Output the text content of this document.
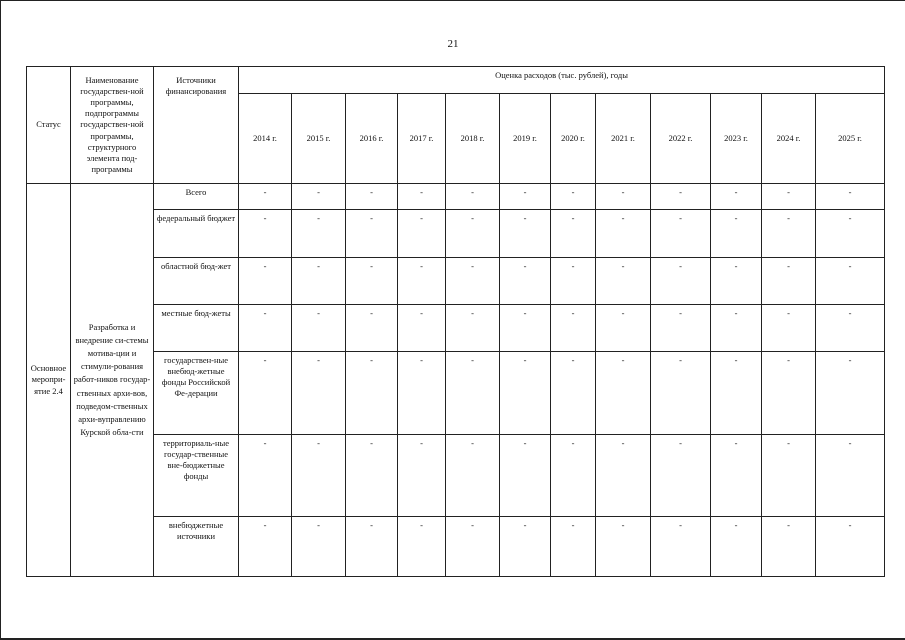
21
Статус	Наименование государствен-ной программы, подпрограммы государствен-ной программы, структурного элемента под-программы	Источники финансирования	Оценка расходов (тыс. рублей), годы											
			2014 г.	2015 г.	2016 г.	2017 г.	2018 г.	2019 г.	2020 г.	2021 г.	2022 г.	2023 г.	2024 г.	2025 г.
Основное меропри-ятие 2.4	Разработка и внедрение си-стемы мотива-ции и стимули-рования работ-ников государ-ственных архи-вов, подведом-ственных архи-вуправлению Курской обла-сти	Всего	-	-	-	-	-	-	-	-	-	-	-	-
		федеральный бюджет	-	-	-	-	-	-	-	-	-	-	-	-
		областной бюд-жет	-	-	-	-	-	-	-	-	-	-	-	-
		местные бюд-жеты	-	-	-	-	-	-	-	-	-	-	-	-
		государствен-ные внебюд-жетные фонды Российской Фе-дерации	-	-	-	-	-	-	-	-	-	-	-	-
		территориаль-ные государ-ственные вне-бюджетные фонды	-	-	-	-	-	-	-	-	-	-	-	-
		внебюджетные источники	-	-	-	-	-	-	-	-	-	-	-	-
